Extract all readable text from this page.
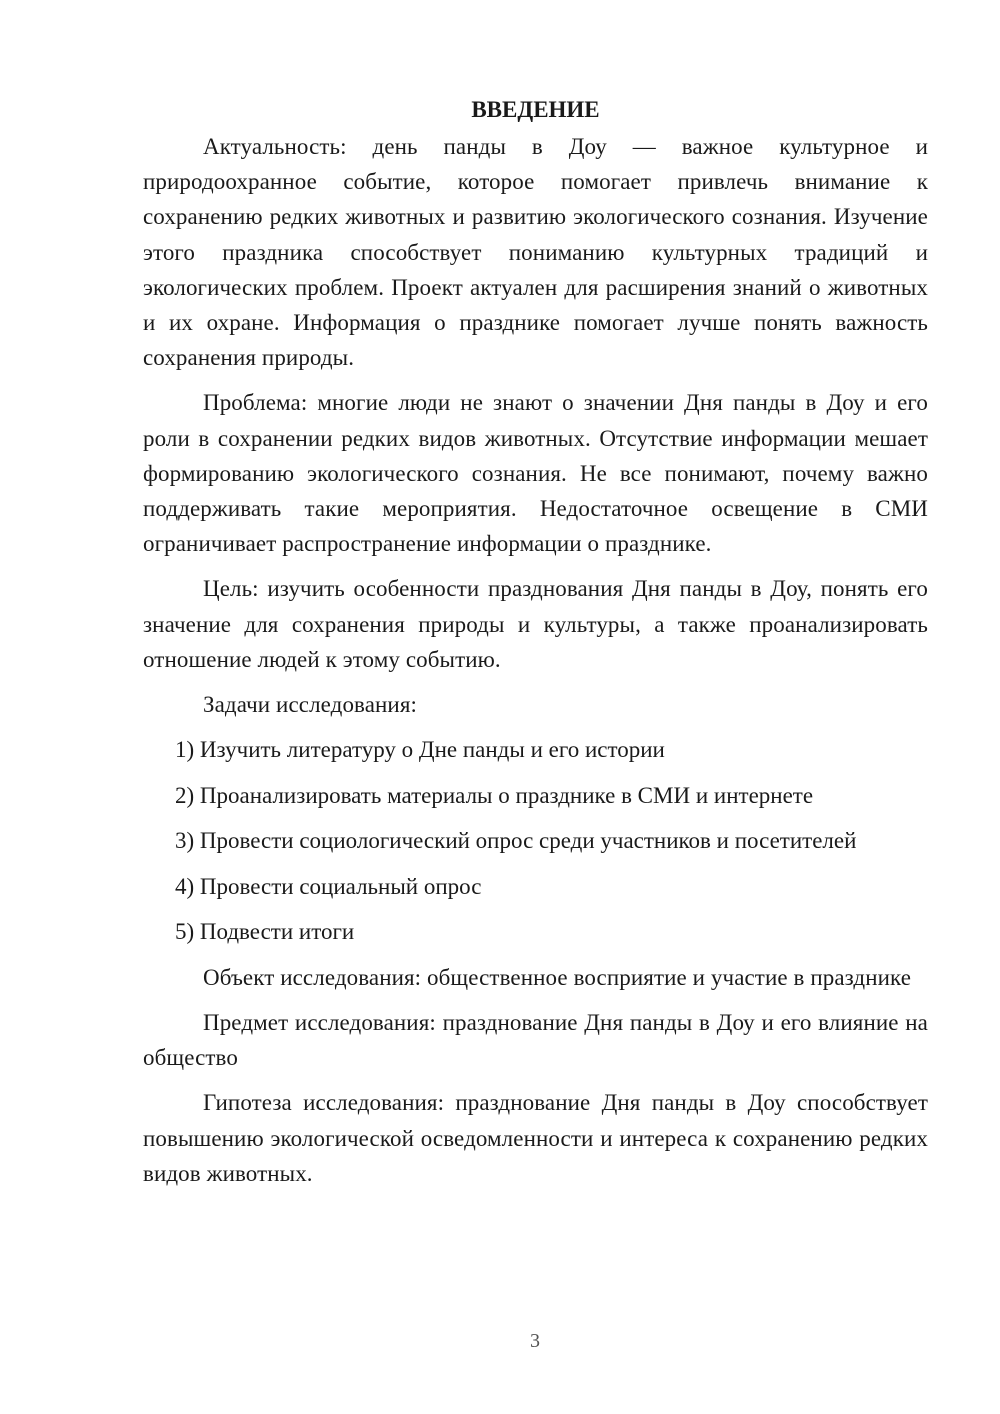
ВВЕДЕНИЕ

Актуальность: день панды в Доу — важное культурное и природоохранное событие, которое помогает привлечь внимание к сохранению редких животных и развитию экологического сознания. Изучение этого праздника способствует пониманию культурных традиций и экологических проблем. Проект актуален для расширения знаний о животных и их охране. Информация о празднике помогает лучше понять важность сохранения природы.

Проблема: многие люди не знают о значении Дня панды в Доу и его роли в сохранении редких видов животных. Отсутствие информации мешает формированию экологического сознания. Не все понимают, почему важно поддерживать такие мероприятия. Недостаточное освещение в СМИ ограничивает распространение информации о празднике.

Цель: изучить особенности празднования Дня панды в Доу, понять его значение для сохранения природы и культуры, а также проанализировать отношение людей к этому событию.

Задачи исследования:

1) Изучить литературу о Дне панды и его истории
2) Проанализировать материалы о празднике в СМИ и интернете
3) Провести социологический опрос среди участников и посетителей
4) Провести социальный опрос
5) Подвести итоги

Объект исследования: общественное восприятие и участие в празднике

Предмет исследования: празднование Дня панды в Доу и его влияние на общество

Гипотеза исследования: празднование Дня панды в Доу способствует повышению экологической осведомленности и интереса к сохранению редких видов животных.

3
